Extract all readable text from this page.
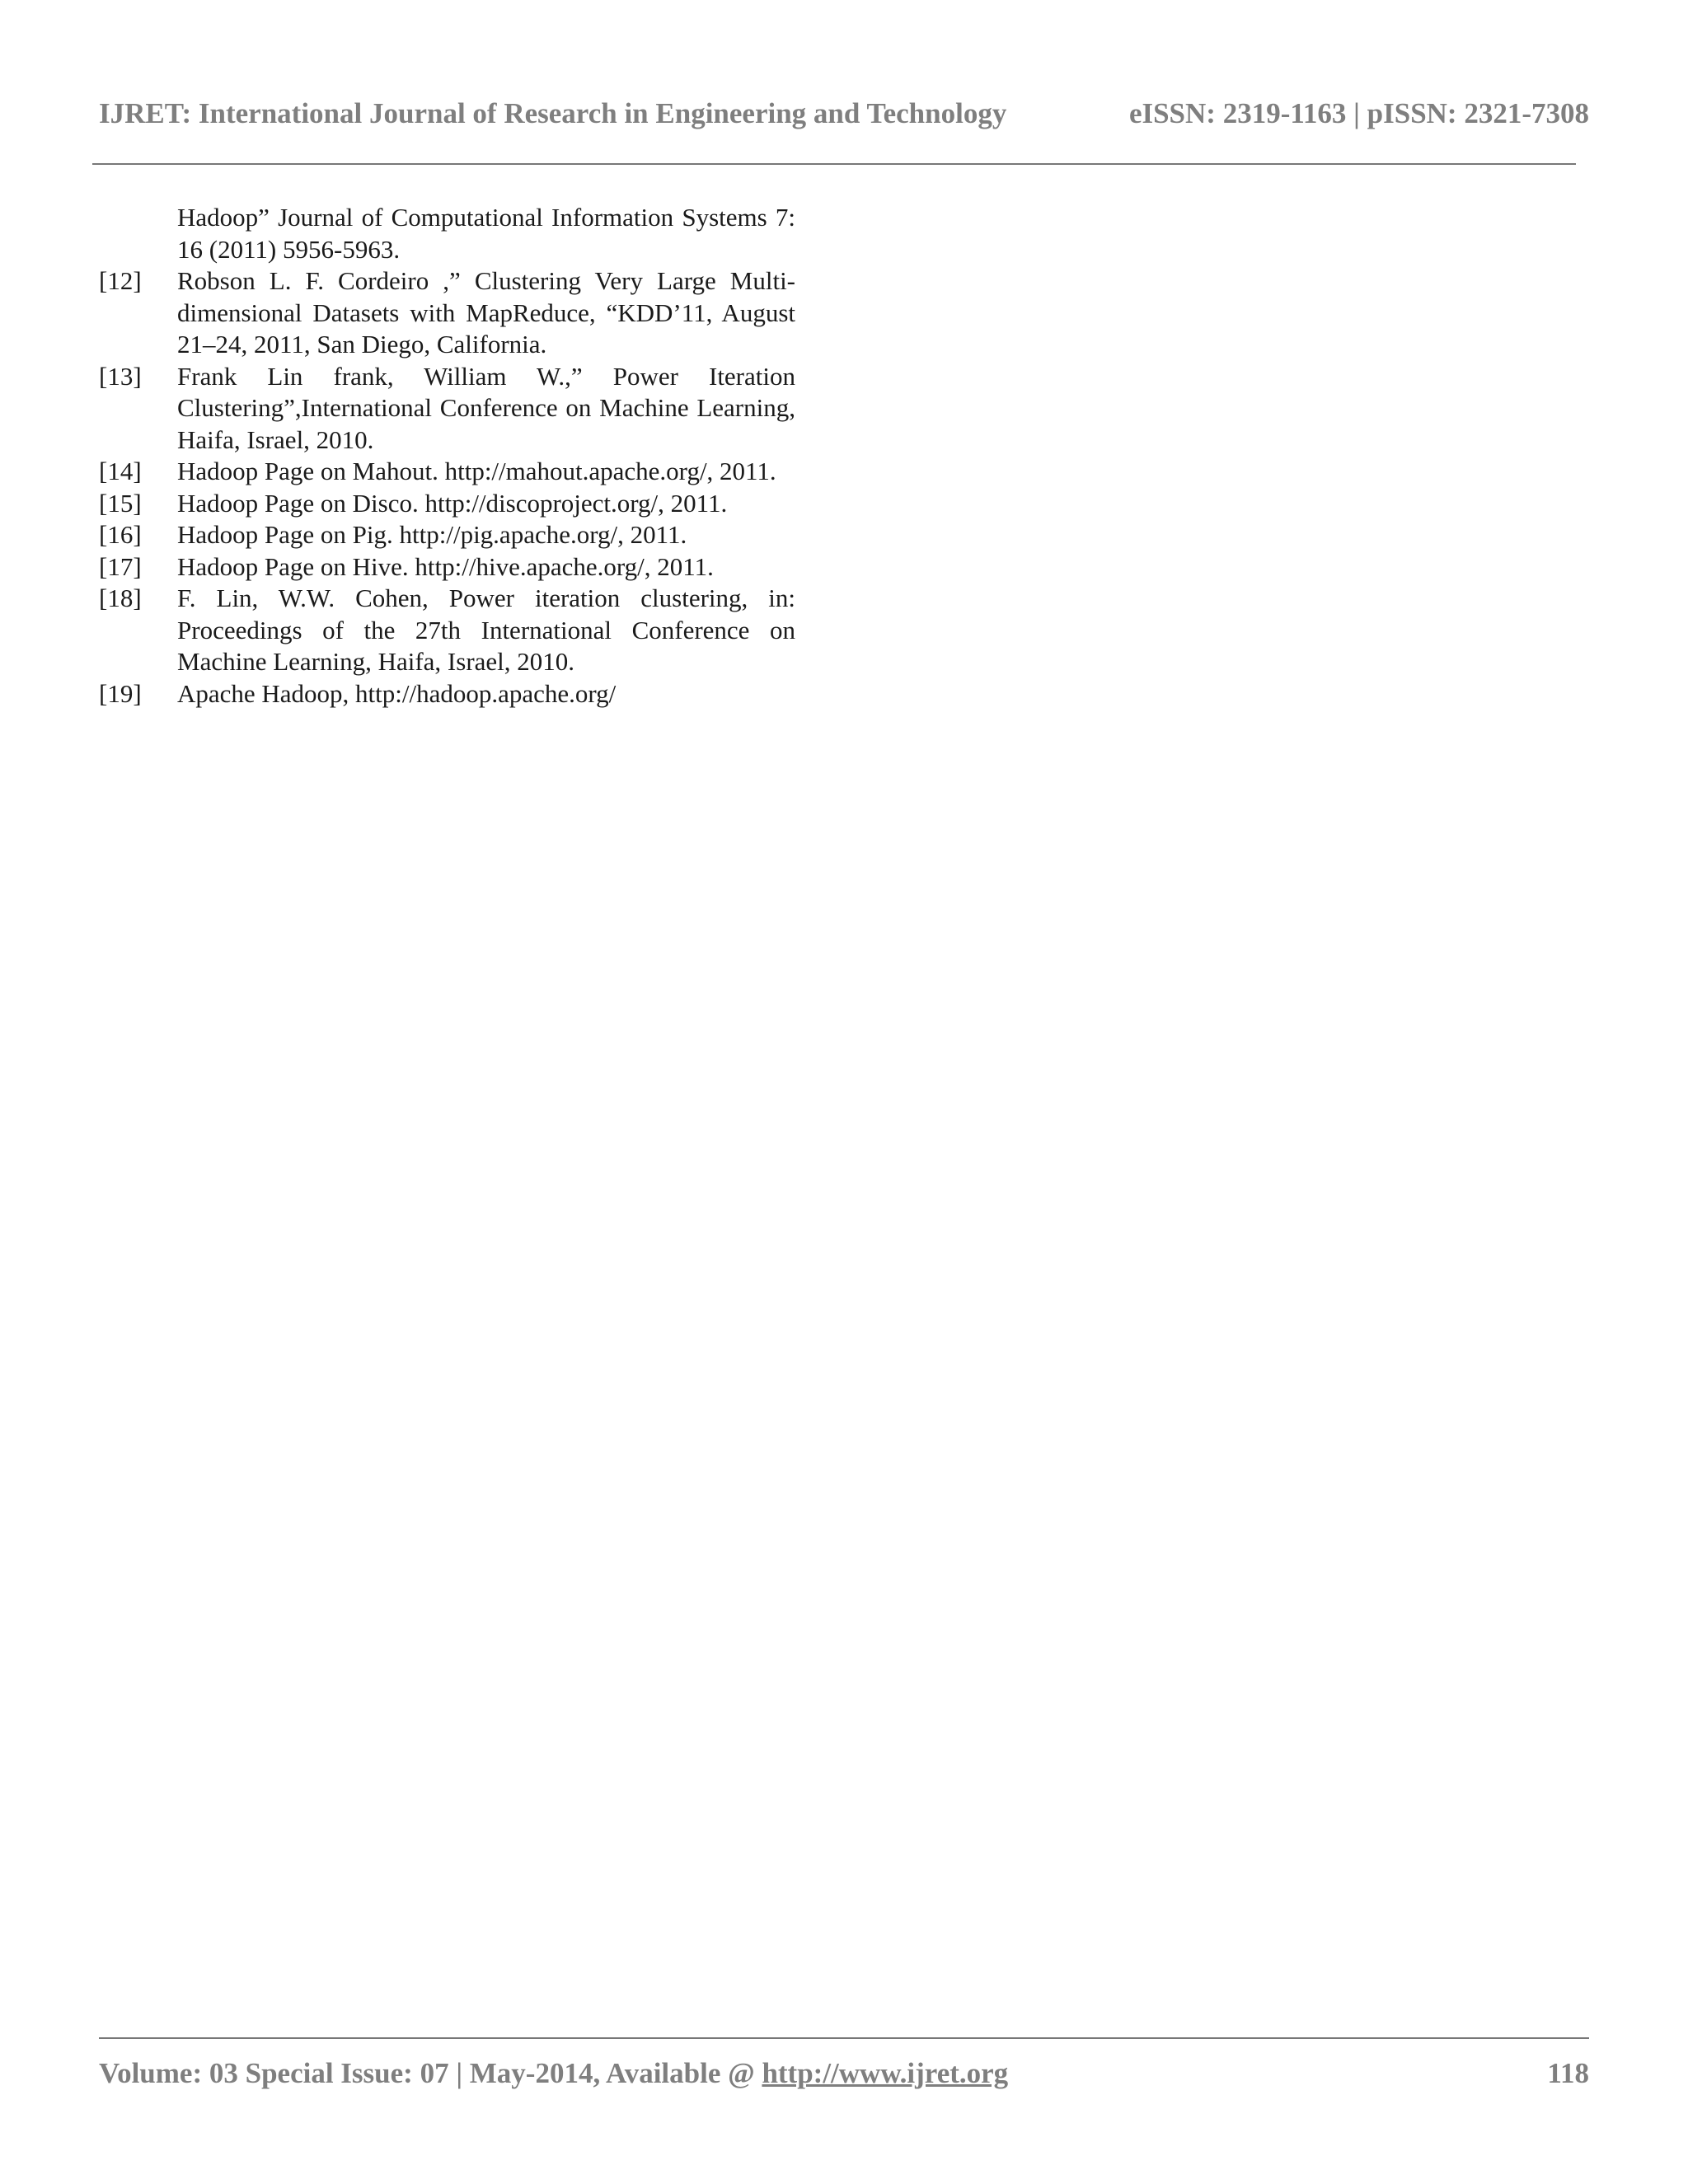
IJRET: International Journal of Research in Engineering and Technology	eISSN: 2319-1163 | pISSN: 2321-7308
Hadoop” Journal of Computational Information Systems 7: 16 (2011) 5956-5963.
[12]	Robson L. F. Cordeiro ,” Clustering Very Large Multi-dimensional Datasets with MapReduce, “KDD’11, August 21–24, 2011, San Diego, California.
[13]	Frank Lin frank, William W.,” Power Iteration Clustering”,International Conference on Machine Learning, Haifa, Israel, 2010.
[14]	Hadoop Page on Mahout. http://mahout.apache.org/, 2011.
[15]	Hadoop Page on Disco. http://discoproject.org/, 2011.
[16]	Hadoop Page on Pig. http://pig.apache.org/, 2011.
[17]	Hadoop Page on Hive. http://hive.apache.org/, 2011.
[18]	F. Lin, W.W. Cohen, Power iteration clustering, in: Proceedings of the 27th International Conference on Machine Learning, Haifa, Israel, 2010.
[19]	Apache Hadoop, http://hadoop.apache.org/
Volume: 03 Special Issue: 07 | May-2014, Available @ http://www.ijret.org	118
